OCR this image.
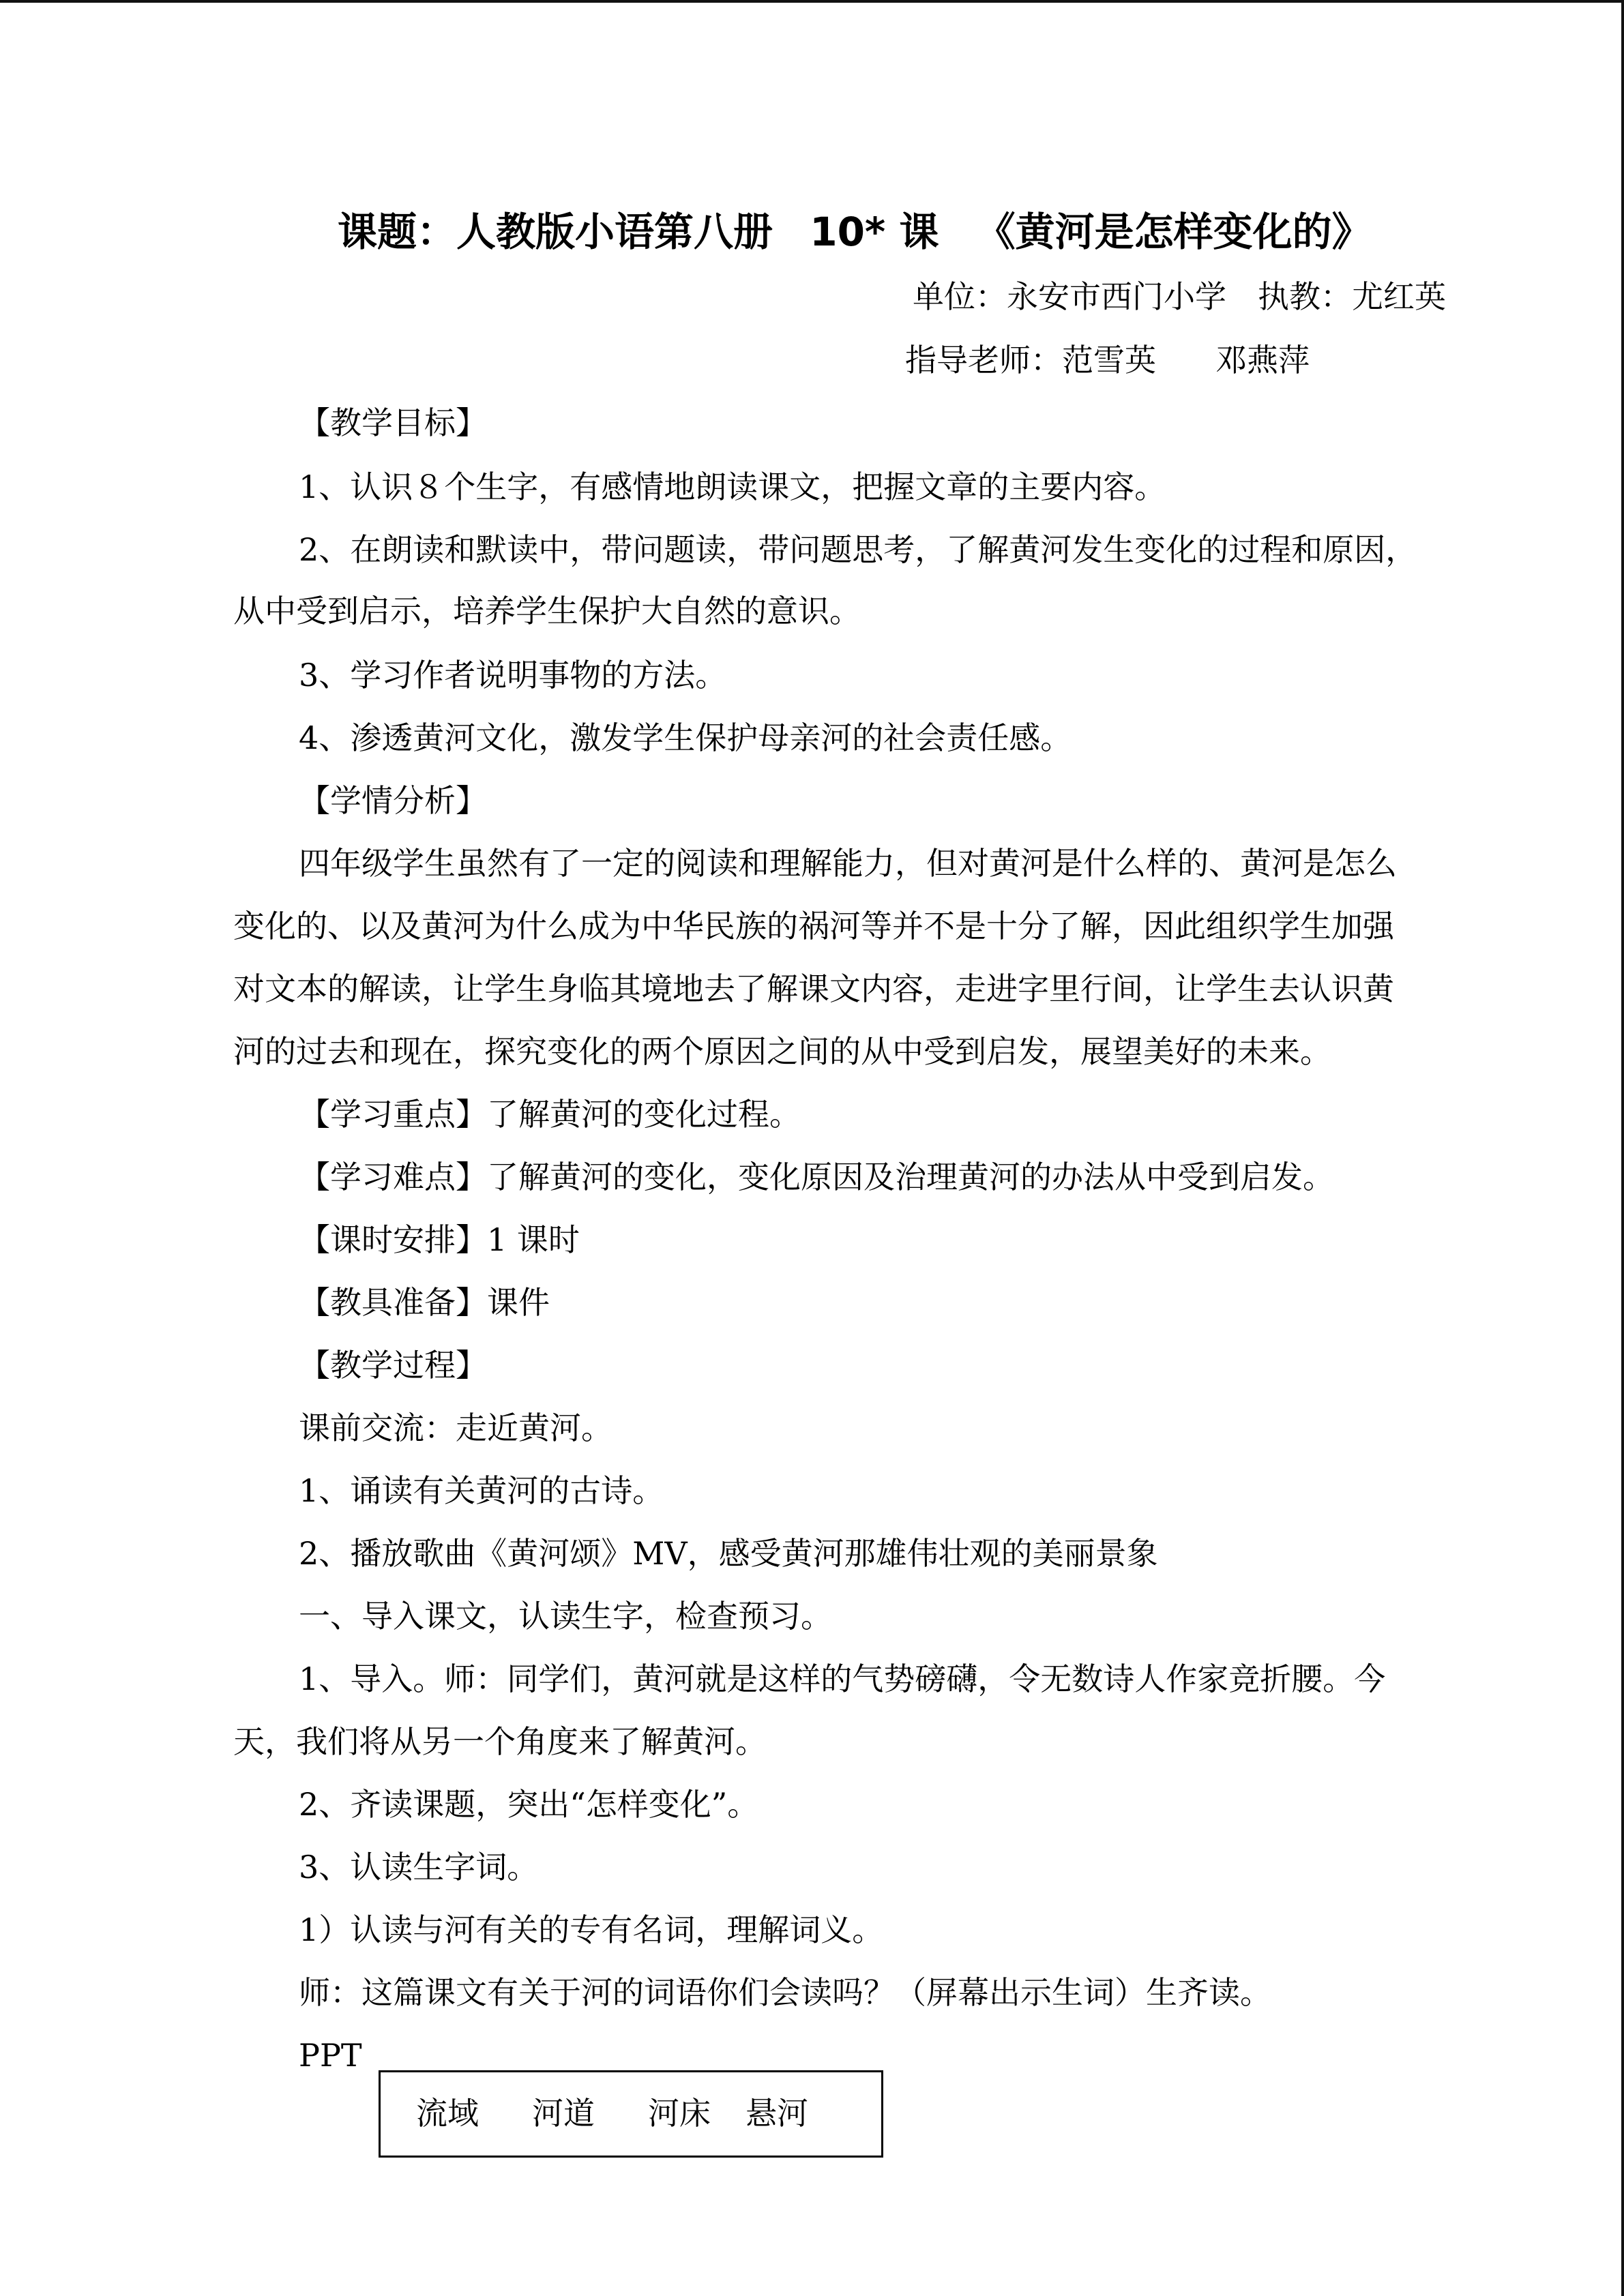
课题：人教版小语第八册 10* 课 《黄河是怎样变化的》
单位：永安市西门小学　执教：尤红英
指导老师：范雪英 邓燕萍
【教学目标】
1、认识８个生字，有感情地朗读课文，把握文章的主要内容。
2、在朗读和默读中，带问题读，带问题思考，了解黄河发生变化的过程和原因，
从中受到启示，培养学生保护大自然的意识。
3、学习作者说明事物的方法。
4、渗透黄河文化，激发学生保护母亲河的社会责任感。
【学情分析】
四年级学生虽然有了一定的阅读和理解能力，但对黄河是什么样的、黄河是怎么
变化的、以及黄河为什么成为中华民族的祸河等并不是十分了解，因此组织学生加强
对文本的解读，让学生身临其境地去了解课文内容，走进字里行间，让学生去认识黄
河的过去和现在，探究变化的两个原因之间的从中受到启发，展望美好的未来。
【学习重点】了解黄河的变化过程。
【学习难点】了解黄河的变化，变化原因及治理黄河的办法从中受到启发。
【课时安排】1 课时
【教具准备】课件
【教学过程】
课前交流：走近黄河。
1、诵读有关黄河的古诗。
2、播放歌曲《黄河颂》MV，感受黄河那雄伟壮观的美丽景象
一、导入课文，认读生字，检查预习。
1、导入。师：同学们，黄河就是这样的气势磅礴，令无数诗人作家竞折腰。今
天，我们将从另一个角度来了解黄河。
2、齐读课题，突出“怎样变化”。
3、认读生字词。
1）认读与河有关的专有名词，理解词义。
师：这篇课文有关于河的词语你们会读吗？（屏幕出示生词）生齐读。
PPT
流域 河道 河床 悬河
